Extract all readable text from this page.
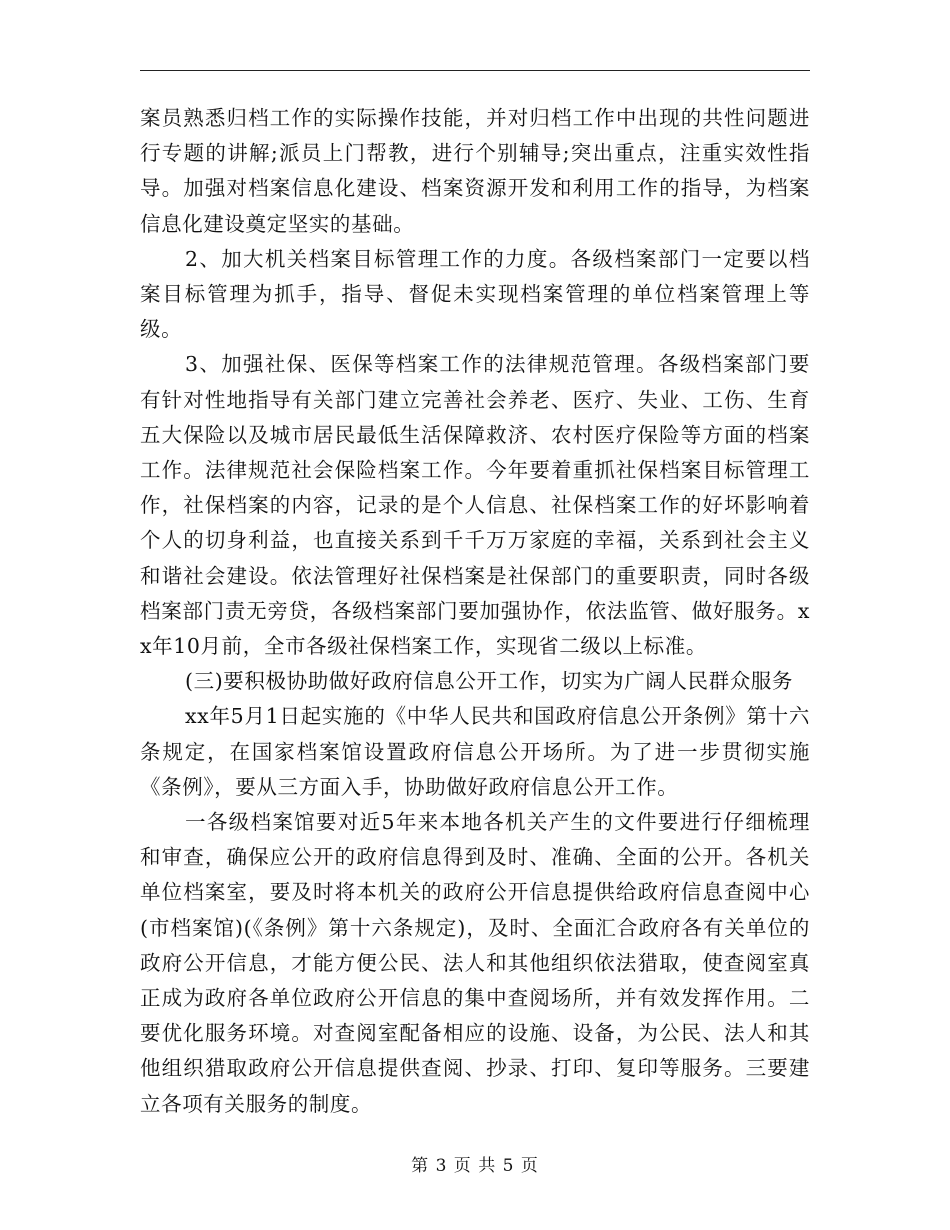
案员熟悉归档工作的实际操作技能，并对归档工作中出现的共性问题进行专题的讲解;派员上门帮教，进行个别辅导;突出重点，注重实效性指导。加强对档案信息化建设、档案资源开发和利用工作的指导，为档案信息化建设奠定坚实的基础。

2、加大机关档案目标管理工作的力度。各级档案部门一定要以档案目标管理为抓手，指导、督促未实现档案管理的单位档案管理上等级。

3、加强社保、医保等档案工作的法律规范管理。各级档案部门要有针对性地指导有关部门建立完善社会养老、医疗、失业、工伤、生育五大保险以及城市居民最低生活保障救济、农村医疗保险等方面的档案工作。法律规范社会保险档案工作。今年要着重抓社保档案目标管理工作，社保档案的内容，记录的是个人信息、社保档案工作的好坏影响着个人的切身利益，也直接关系到千千万万家庭的幸福，关系到社会主义和谐社会建设。依法管理好社保档案是社保部门的重要职责，同时各级档案部门责无旁贷，各级档案部门要加强协作，依法监管、做好服务。xx年10月前，全市各级社保档案工作，实现省二级以上标准。

(三)要积极协助做好政府信息公开工作，切实为广阔人民群众服务

xx年5月1日起实施的《中华人民共和国政府信息公开条例》第十六条规定，在国家档案馆设置政府信息公开场所。为了进一步贯彻实施《条例》，要从三方面入手，协助做好政府信息公开工作。

一各级档案馆要对近5年来本地各机关产生的文件要进行仔细梳理和审查，确保应公开的政府信息得到及时、准确、全面的公开。各机关单位档案室，要及时将本机关的政府公开信息提供给政府信息查阅中心(市档案馆)(《条例》第十六条规定)，及时、全面汇合政府各有关单位的政府公开信息，才能方便公民、法人和其他组织依法猎取，使查阅室真正成为政府各单位政府公开信息的集中查阅场所，并有效发挥作用。二要优化服务环境。对查阅室配备相应的设施、设备，为公民、法人和其他组织猎取政府公开信息提供查阅、抄录、打印、复印等服务。三要建立各项有关服务的制度。

第 3 页 共 5 页
